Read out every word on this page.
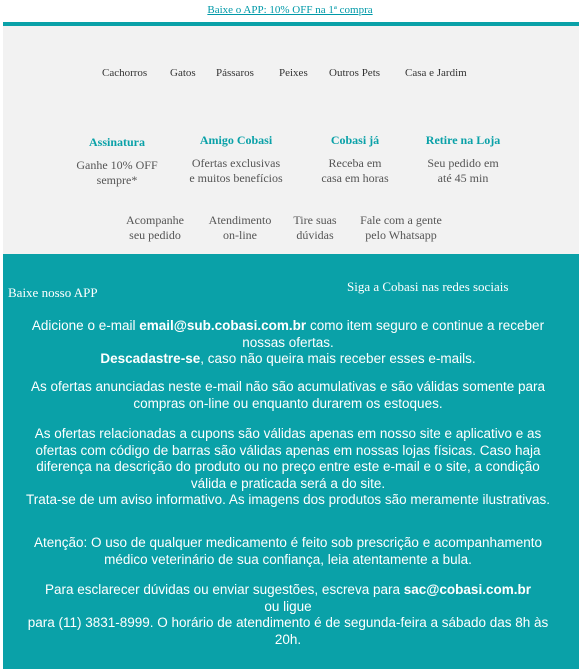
Baixe o APP: 10% OFF na 1ª compra
Cachorros Gatos Pássaros Peixes Outros Pets Casa e Jardim
Assinatura
Ganhe 10% OFF
sempre*
Amigo Cobasi
Ofertas exclusivas
e muitos benefícios
Cobasi já
Receba em
casa em horas
Retire na Loja
Seu pedido em
até 45 min
Acompanhe
seu pedido
Atendimento
on-line
Tire suas
dúvidas
Fale com a gente
pelo Whatsapp
Baixe nosso APP	Siga a Cobasi nas redes sociais
Adicione o e-mail email@sub.cobasi.com.br como item seguro e continue a receber nossas ofertas.
Descadastre-se, caso não queira mais receber esses e-mails.
As ofertas anunciadas neste e-mail não são acumulativas e são válidas somente para compras on-line ou enquanto durarem os estoques.
As ofertas relacionadas a cupons são válidas apenas em nosso site e aplicativo e as ofertas com código de barras são válidas apenas em nossas lojas físicas. Caso haja diferença na descrição do produto ou no preço entre este e-mail e o site, a condição válida e praticada será a do site.
Trata-se de um aviso informativo. As imagens dos produtos são meramente ilustrativas.
Atenção: O uso de qualquer medicamento é feito sob prescrição e acompanhamento médico veterinário de sua confiança, leia atentamente a bula.
Para esclarecer dúvidas ou enviar sugestões, escreva para sac@cobasi.com.br
ou ligue
para (11) 3831-8999. O horário de atendimento é de segunda-feira a sábado das 8h às 20h.
